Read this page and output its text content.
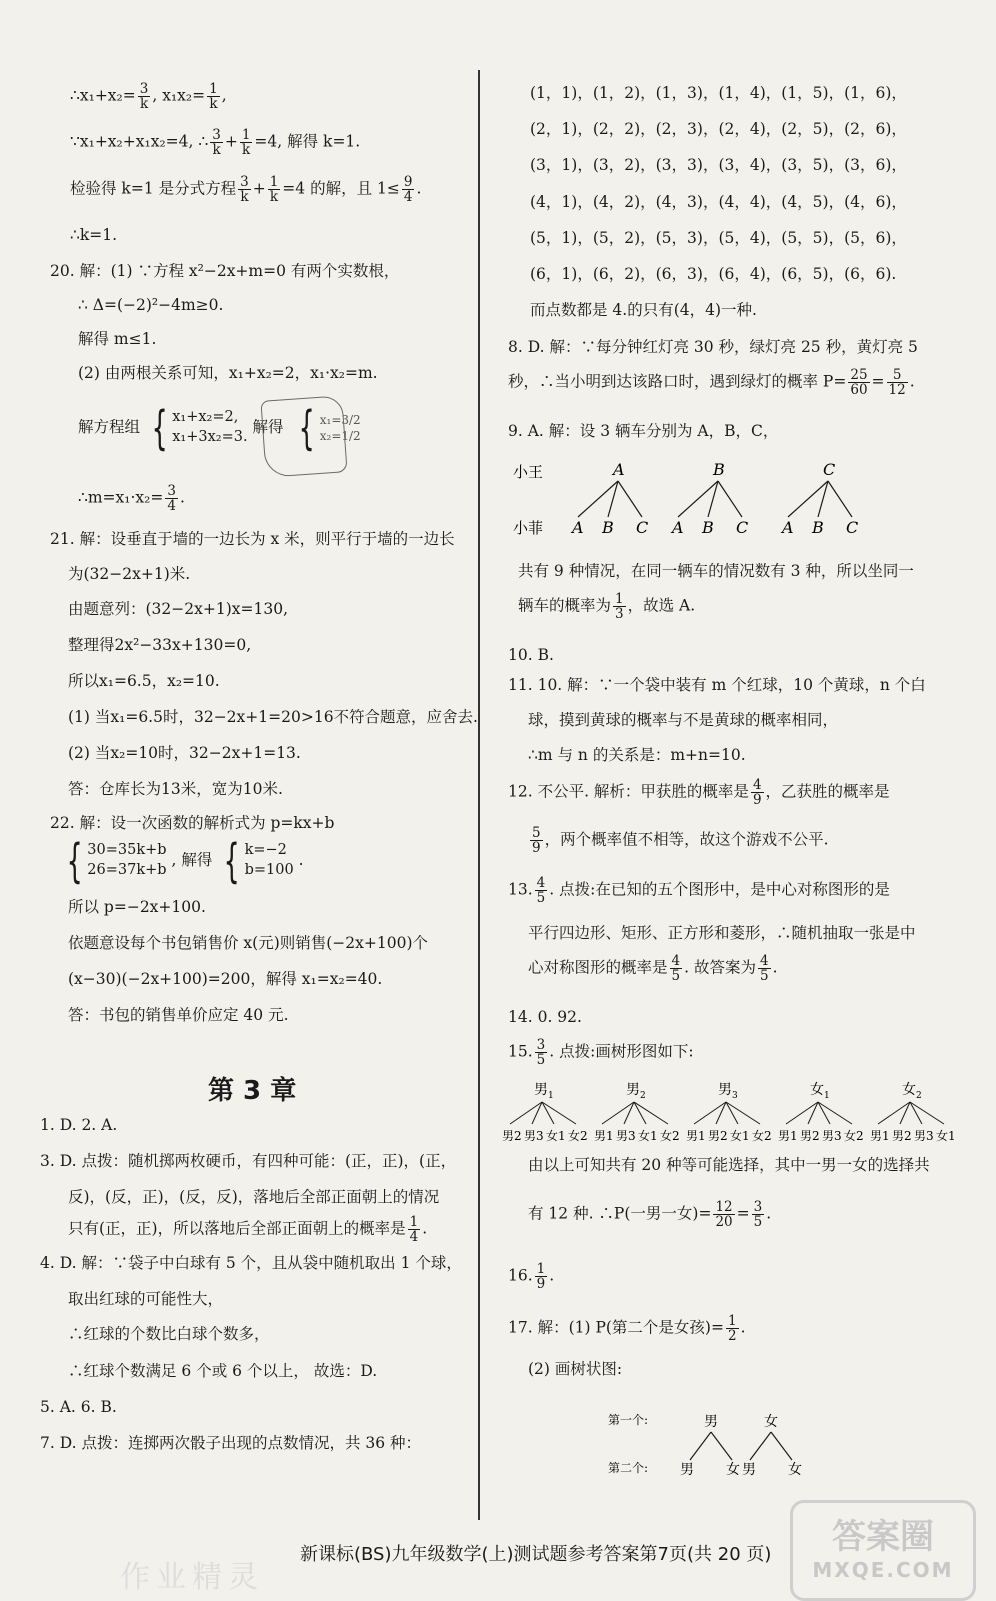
∴x₁+x₂= $\frac{3}{k}$ , $x_1x_2= \frac{1}{k}$ ,
∵x₁+x₂+x₁x₂=4, ∴ $\frac{3}{k} + \frac{1}{k} =4$, 解得 k=1.
检验得 k=1 是分式方程 $\frac{3}{k} + \frac{1}{k} =4$ 的解，且 $1\le \frac{9}{4}$ .
∴k=1.
20. 解：(1) ∵方程 x²−2x+m=0 有两个实数根，
∴ Δ=(−2)²−4m≥0.
解得 m≤1.
(2) 由两根关系可知，x₁+x₂=2，x₁·x₂=m.
解方程组 { x₁+x₂=2,
x₁+3x₂=3.
解得 { x₁=3/2
x₂=1/2
∴m=x₁·x₂= $\frac{3}{4}$ .
21. 解：设垂直于墙的一边长为 x 米，则平行于墙的一边长
为(32−2x+1)米.
由题意列：(32−2x+1)x=130,
整理得2x²−33x+130=0,
所以x₁=6.5，x₂=10.
(1) 当x₁=6.5时，32−2x+1=20>16不符合题意，应舍去.
(2) 当x₂=10时，32−2x+1=13.
答：仓库长为13米，宽为10米.
22. 解：设一次函数的解析式为 p=kx+b
{ 30=35k+b
26=37k+b
, 解得 { k=−2
b=100
.
所以 p=−2x+100.
依题意设每个书包销售价 x(元)则销售(−2x+100)个
(x−30)(−2x+100)=200，解得 x₁=x₂=40.
答：书包的销售单价应定 40 元.
第 3 章
1. D. 2. A.
3. D. 点拨：随机掷两枚硬币，有四种可能：(正，正)，(正，
反)，(反，正)，(反，反)，落地后全部正面朝上的情况
只有(正，正)，所以落地后全部正面朝上的概率是 $\frac{1}{4}$ .
4. D. 解：∵袋子中白球有 5 个，且从袋中随机取出 1 个球，
取出红球的可能性大，
∴红球的个数比白球个数多，
∴红球个数满足 6 个或 6 个以上， 故选：D.
5. A. 6. B.
7. D. 点拨：连掷两次骰子出现的点数情况，共 36 种：
(1，1)，(1，2)，(1，3)，(1，4)，(1，5)，(1，6)，
(2，1)，(2，2)，(2，3)，(2，4)，(2，5)，(2，6)，
(3，1)，(3，2)，(3，3)，(3，4)，(3，5)，(3，6)，
(4，1)，(4，2)，(4，3)，(4，4)，(4，5)，(4，6)，
(5，1)，(5，2)，(5，3)，(5，4)，(5，5)，(5，6)，
(6，1)，(6，2)，(6，3)，(6，4)，(6，5)，(6，6).
而点数都是 4.的只有(4，4)一种.
8. D. 解：∵每分钟红灯亮 30 秒，绿灯亮 25 秒，黄灯亮 5
秒，∴当小明到达该路口时，遇到绿灯的概率 $P= \frac{25}{60} = \frac{5}{12}$ .
9. A. 解：设 3 辆车分别为 A，B，C，
小王
小菲
A
A B C
B
A B C
C
A B C
共有 9 种情况，在同一辆车的情况数有 3 种，所以坐同一
辆车的概率为 $\frac{1}{3}$ ，故选 A.
10. B.
11. 10. 解：∵一个袋中装有 m 个红球，10 个黄球，n 个白
球，摸到黄球的概率与不是黄球的概率相同，
∴m 与 n 的关系是：m+n=10.
12. 不公平. 解析：甲获胜的概率是 $\frac{4}{9}$ ，乙获胜的概率是
$\frac{5}{9}$ ，两个概率值不相等，故这个游戏不公平.
13. $\frac{4}{5}$ . 点拨:在已知的五个图形中，是中心对称图形的是
平行四边形、矩形、正方形和菱形，∴随机抽取一张是中
心对称图形的概率是 $\frac{4}{5}$ . 故答案为 $\frac{4}{5}$ .
14. 0. 92.
15. $\frac{3}{5}$ . 点拨:画树形图如下:
男 1
男2 男3 女1 女2
男 2
男1 男3 女1 女2
男 3
男1 男2 女1 女2
女 1
男1 男2 男3 女2
女 2
男1 男2 男3 女1
由以上可知共有 20 种等可能选择，其中一男一女的选择共
有 12 种. ∴P(一男一女)= $\frac{12}{20} = \frac{3}{5}$ .
16. $\frac{1}{9}$ .
17. 解：(1) P(第二个是女孩)= $\frac{1}{2}$ .
(2) 画树状图:
第一个:
第二个:
男	女
男 女 男 女
新课标(BS)九年级数学(上)测试题参考答案第7页(共 20 页)
作业精灵
答案圈
MXQE.COM
